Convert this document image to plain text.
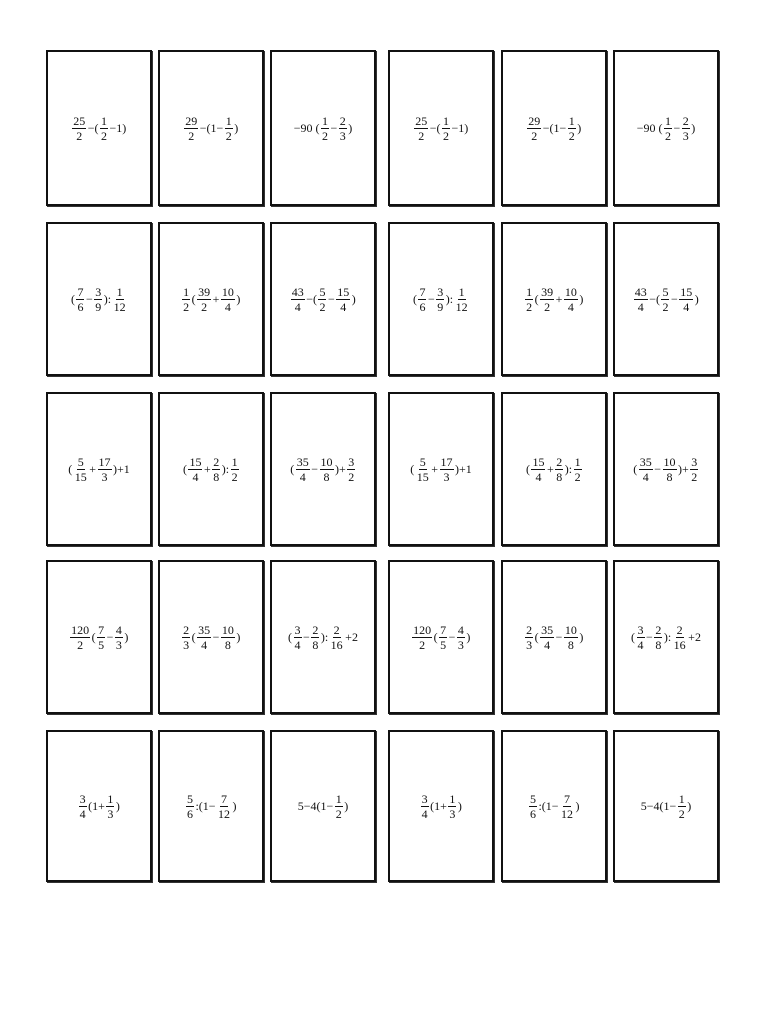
$\frac{25}{2}$ −( $\frac{1}{2} -1$)	$\frac{29}{2} -(1- \frac{1}{2}$ )	−90 ( $\frac{1}{2} - \frac{2}{3}$ )	$\frac{25}{2}$ −( $\frac{1}{2} -1$)	$\frac{29}{2} -(1- \frac{1}{2}$ )	−90 ( $\frac{1}{2} - \frac{2}{3}$ )
( $\frac{7}{6} - \frac{3}{9}$ ): $\frac{1}{12}$	$\frac{1}{2}$ ( $\frac{39}{2} + \frac{10}{4}$ )	$\frac{43}{4}$ −( $\frac{5}{2} - \frac{15}{4}$ )	( $\frac{7}{6} - \frac{3}{9}$ ): $\frac{1}{12}$	$\frac{1}{2}$ ( $\frac{39}{2} + \frac{10}{4}$ )	$\frac{43}{4}$ −( $\frac{5}{2} - \frac{15}{4}$ )
( $\frac{5}{15} + \frac{17}{3} )+1$	( $\frac{15}{4} + \frac{2}{8}$ ): $\frac{1}{2}$	( $\frac{35}{4} - \frac{10}{8}$ )+ $\frac{3}{2}$	( $\frac{5}{15} + \frac{17}{3} )+1$	( $\frac{15}{4} + \frac{2}{8}$ ): $\frac{1}{2}$	( $\frac{35}{4} - \frac{10}{8}$ )+ $\frac{3}{2}$
$\frac{120}{2}$ ( $\frac{7}{5} - \frac{4}{3}$ )	$\frac{2}{3}$ ( $\frac{35}{4} - \frac{10}{8}$ )	( $\frac{3}{4} - \frac{2}{8}$ ): $\frac{2}{16} +2$	$\frac{120}{2}$ ( $\frac{7}{5} - \frac{4}{3}$ )	$\frac{2}{3}$ ( $\frac{35}{4} - \frac{10}{8}$ )	( $\frac{3}{4} - \frac{2}{8}$ ): $\frac{2}{16} +2$
$\frac{3}{4} (1+ \frac{1}{3}$ )	$\frac{5}{6}$ :(1− $\frac{7}{12}$ )	$5-4(1- \frac{1}{2}$ )	$\frac{3}{4} (1+ \frac{1}{3}$ )	$\frac{5}{6}$ :(1− $\frac{7}{12}$ )	$5-4(1- \frac{1}{2}$ )
